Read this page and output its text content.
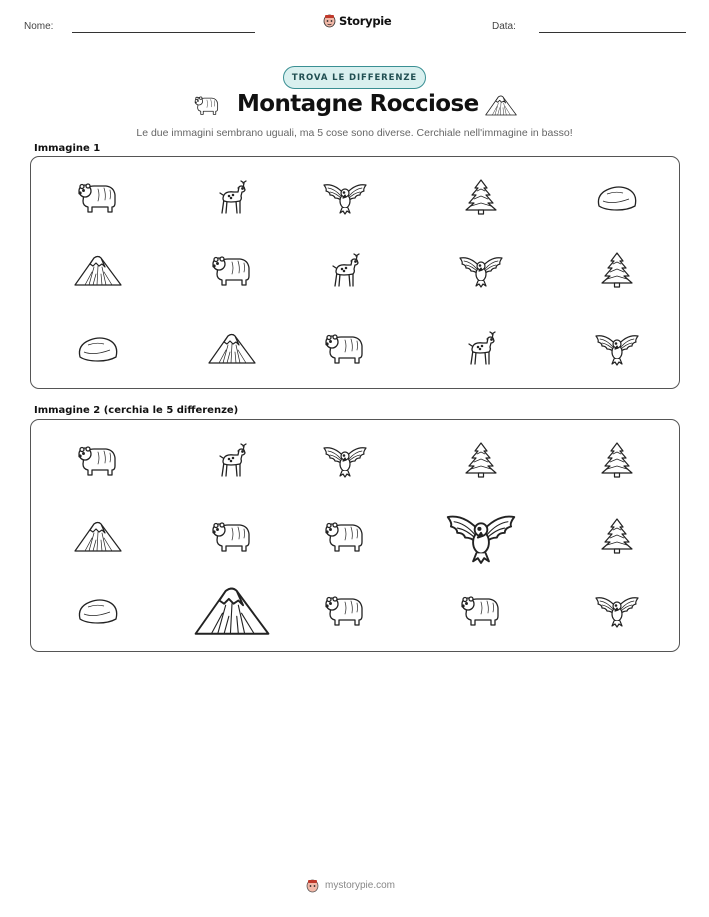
Nome:	Storypie	Data:
TROVA LE DIFFERENZE
Montagne Rocciose
Le due immagini sembrano uguali, ma 5 cose sono diverse. Cerchiale nell'immagine in basso!
Immagine 1
Immagine 2 (cerchia le 5 differenze)
mystorypie.com
